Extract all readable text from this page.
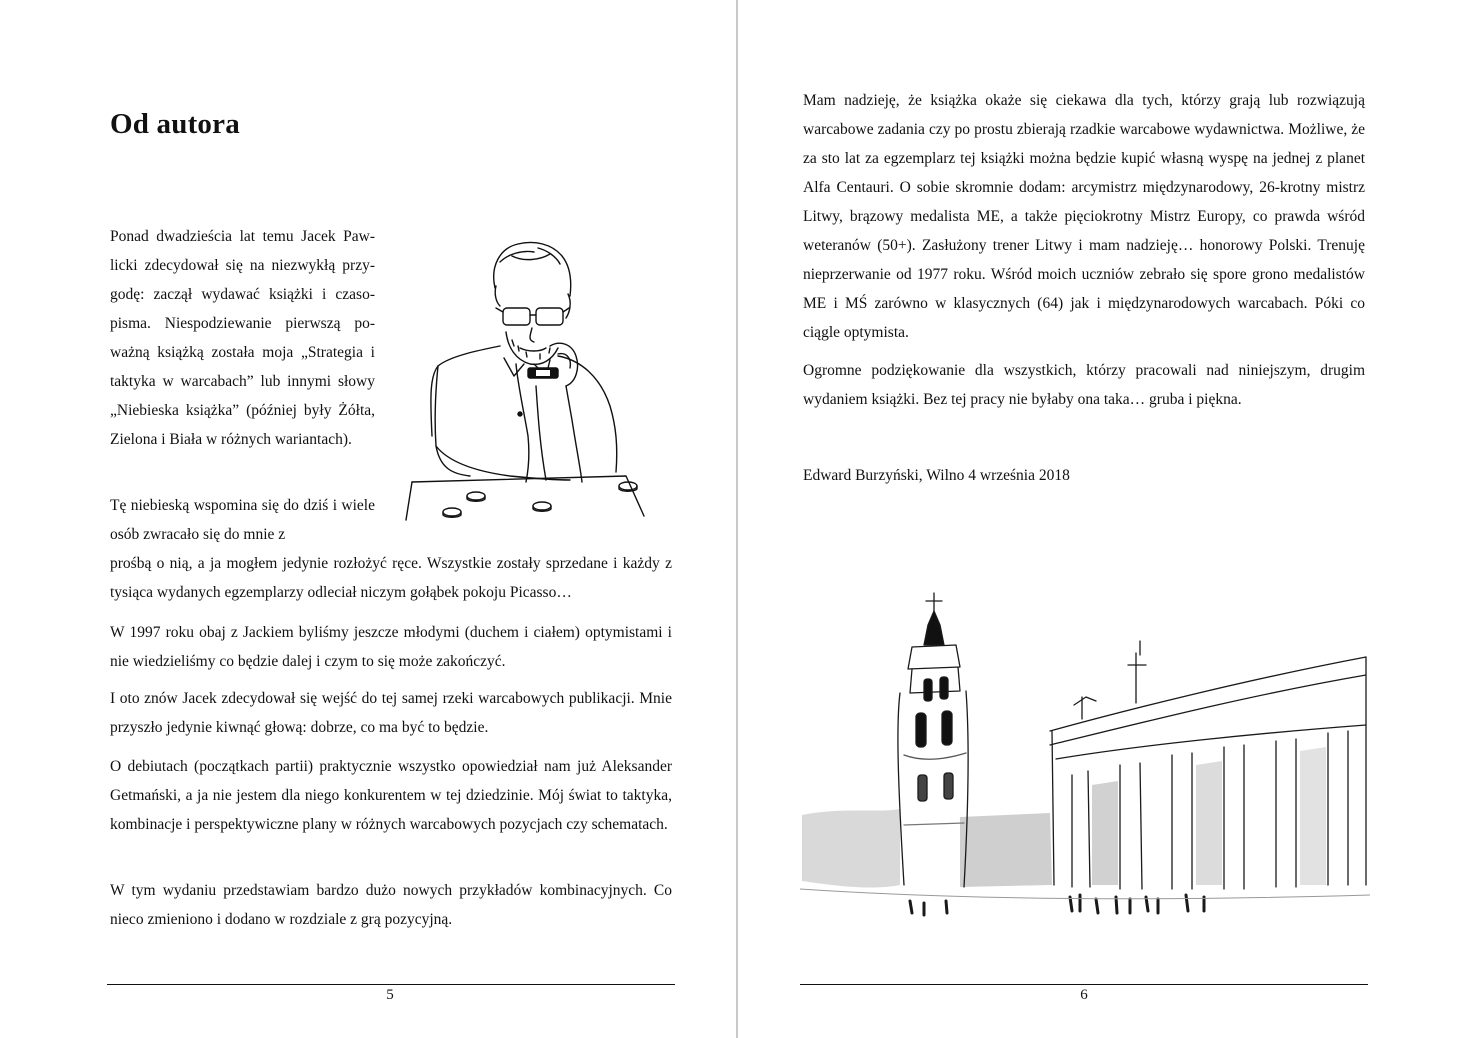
Od autora

Ponad dwadzieścia lat temu Jacek Pawlicki zdecydował się na niezwykłą przygodę: zaczął wydawać książki i czasopisma. Niespodziewanie pierwszą poważną książką została moja „Strategia i taktyka w warcabach” lub innymi słowy „Niebieska książka” (później były Żółta, Zielona i Biała w różnych wariantach).

Tę niebieską wspomina się do dziś i wiele osób zwracało się do mnie z

prośbą o nią, a ja mogłem jedynie rozłożyć ręce. Wszystkie zostały sprzedane i każdy z tysiąca wydanych egzemplarzy odleciał niczym gołąbek pokoju Picasso…

W 1997 roku obaj z Jackiem byliśmy jeszcze młodymi (duchem i ciałem) optymistami i nie wiedzieliśmy co będzie dalej i czym to się może zakończyć.

I oto znów Jacek zdecydował się wejść do tej samej rzeki warcabowych publikacji. Mnie przyszło jedynie kiwnąć głową: dobrze, co ma być to będzie.

O debiutach (początkach partii) praktycznie wszystko opowiedział nam już Aleksander Getmański, a ja nie jestem dla niego konkurentem w tej dziedzinie. Mój świat to taktyka, kombinacje i perspektywiczne plany w różnych warcabowych pozycjach czy schematach.

W tym wydaniu przedstawiam bardzo dużo nowych przykładów kombinacyjnych. Co nieco zmieniono i dodano w rozdziale z grą pozycyjną.

5

Mam nadzieję, że książka okaże się ciekawa dla tych, którzy grają lub rozwiązują warcabowe zadania czy po prostu zbierają rzadkie warcabowe wydawnictwa. Możliwe, że za sto lat za egzemplarz tej książki można będzie kupić własną wyspę na jednej z planet Alfa Centauri. O sobie skromnie dodam: arcymistrz międzynarodowy, 26-krotny mistrz Litwy, brązowy medalista ME, a także pięciokrotny Mistrz Europy, co prawda wśród weteranów (50+). Zasłużony trener Litwy i mam nadzieję… honorowy Polski. Trenuję nieprzerwanie od 1977 roku. Wśród moich uczniów zebrało się spore grono medalistów ME i MŚ zarówno w klasycznych (64) jak i międzynarodowych warcabach. Póki co ciągle optymista.

Ogromne podziękowanie dla wszystkich, którzy pracowali nad niniejszym, drugim wydaniem książki. Bez tej pracy nie byłaby ona taka… gruba i piękna.

Edward Burzyński, Wilno 4 września 2018

6
